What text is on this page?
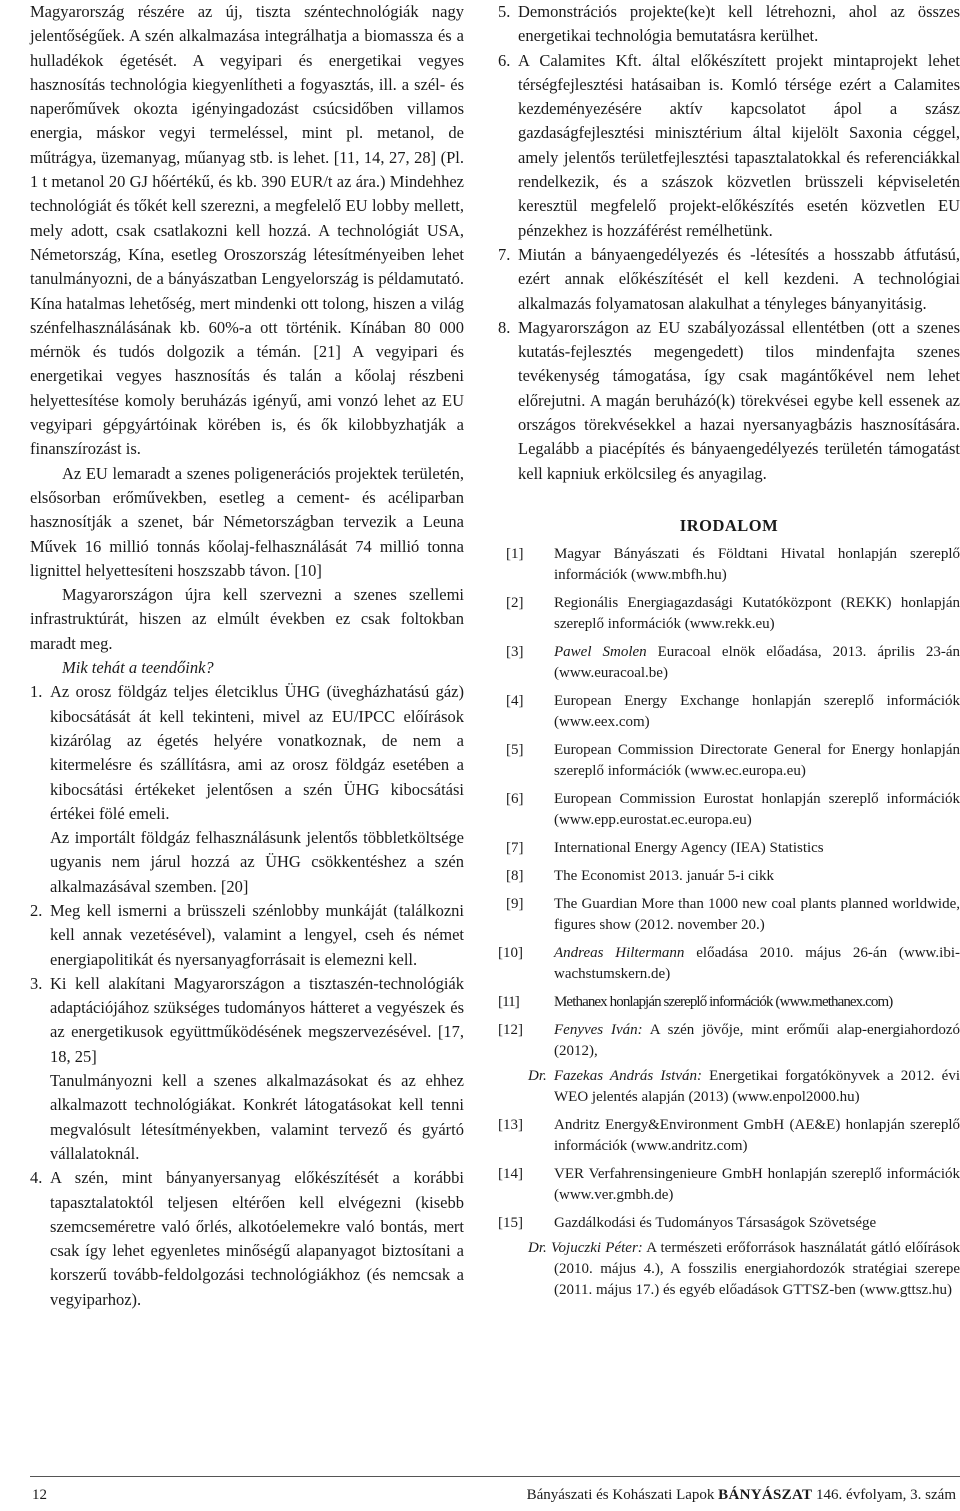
Magyarország részére az új, tiszta széntechnológiák nagy jelentőségűek. A szén alkalmazása integrálhatja a biomassza és a hulladékok égetését. A vegyipari és energetikai vegyes hasznosítás technológia kiegyenlítheti a fogyasztás, ill. a szél- és naperőművek okozta igényingadozást csúcsidőben villamos energia, máskor vegyi termeléssel, mint pl. metanol, de műtrágya, üzemanyag, műanyag stb. is lehet. [11, 14, 27, 28] (Pl. 1 t metanol 20 GJ hőértékű, és kb. 390 EUR/t az ára.) Mindehhez technológiát és tőkét kell szerezni, a megfelelő EU lobby mellett, mely adott, csak csatlakozni kell hozzá. A technológiát USA, Németország, Kína, esetleg Oroszország létesítményeiben lehet tanulmányozni, de a bányászatban Lengyelország is példamutató. Kína hatalmas lehetőség, mert mindenki ott tolong, hiszen a világ szénfelhasználásának kb. 60%-a ott történik. Kínában 80 000 mérnök és tudós dolgozik a témán. [21] A vegyipari és energetikai vegyes hasznosítás és talán a kőolaj részbeni helyettesítése komoly beruházás igényű, ami vonzó lehet az EU vegyipari gépgyártóinak körében is, és ők kilobbyzhatják a finanszírozást is.

Az EU lemaradt a szenes poligenerációs projektek területén, elsősorban erőművekben, esetleg a cement- és acéliparban hasznosítják a szenet, bár Németországban tervezik a Leuna Művek 16 millió tonnás kőolaj-felhasználását 74 millió tonna lignittel helyettesíteni hoszszabb távon. [10]

Magyarországon újra kell szervezni a szenes szellemi infrastruktúrát, hiszen az elmúlt években ez csak foltokban maradt meg.

Mik tehát a teendőink?

1. Az orosz földgáz teljes életciklus ÜHG (üvegházhatású gáz) kibocsátását át kell tekinteni, mivel az EU/IPCC előírások kizárólag az égetés helyére vonatkoznak, de nem a kitermelésre és szállításra, ami az orosz földgáz esetében a kibocsátási értékeket jelentősen a szén ÜHG kibocsátási értékei fölé emeli.
Az importált földgáz felhasználásunk jelentős többletköltsége ugyanis nem járul hozzá az ÜHG csökkentéshez a szén alkalmazásával szemben. [20]
2. Meg kell ismerni a brüsszeli szénlobby munkáját (találkozni kell annak vezetésével), valamint a lengyel, cseh és német energiapolitikát és nyersanyagforrásait is elemezni kell.
3. Ki kell alakítani Magyarországon a tisztaszén-technológiák adaptációjához szükséges tudományos hátteret a vegyészek és az energetikusok együttműködésének megszervezésével. [17, 18, 25]
Tanulmányozni kell a szenes alkalmazásokat és az ehhez alkalmazott technológiákat. Konkrét látogatásokat kell tenni megvalósult létesítményekben, valamint tervező és gyártó vállalatoknál.
4. A szén, mint bányanyersanyag előkészítését a korábbi tapasztalatoktól teljesen eltérően kell elvégezni (kisebb szemcseméretre való őrlés, alkotóelemekre való bontás, mert csak így lehet egyenletes minőségű alapanyagot biztosítani a korszerű tovább-feldolgozási technológiákhoz (és nemcsak a vegyiparhoz).
5. Demonstrációs projekte(ke)t kell létrehozni, ahol az összes energetikai technológia bemutatásra kerülhet.
6. A Calamites Kft. által előkészített projekt mintaprojekt lehet térségfejlesztési hatásaiban is. Komló térsége ezért a Calamites kezdeményezésére aktív kapcsolatot ápol a szász gazdaságfejlesztési minisztérium által kijelölt Saxonia céggel, amely jelentős területfejlesztési tapasztalatokkal és referenciákkal rendelkezik, és a szászok közvetlen brüsszeli képviseletén keresztül megfelelő projekt-előkészítés esetén közvetlen EU pénzekhez is hozzáférést remélhetünk.
7. Miután a bányaengedélyezés és -létesítés a hosszabb átfutású, ezért annak előkészítését el kell kezdeni. A technológiai alkalmazás folyamatosan alakulhat a tényleges bányanyitásig.
8. Magyarországon az EU szabályozással ellentétben (ott a szenes kutatás-fejlesztés megengedett) tilos mindenfajta szenes tevékenység támogatása, így csak magántőkével nem lehet előrejutni. A magán beruházó(k) törekvései egybe kell essenek az országos törekvésekkel a hazai nyersanyagbázis hasznosítására. Legalább a piacépítés és bányaengedélyezés területén támogatást kell kapniuk erkölcsileg és anyagilag.
IRODALOM
[1] Magyar Bányászati és Földtani Hivatal honlapján szereplő információk (www.mbfh.hu)
[2] Regionális Energiagazdasági Kutatóközpont (REKK) honlapján szereplő információk (www.rekk.eu)
[3] Pawel Smolen Euracoal elnök előadása, 2013. április 23-án (www.euracoal.be)
[4] European Energy Exchange honlapján szereplő információk (www.eex.com)
[5] European Commission Directorate General for Energy honlapján szereplő információk (www.ec.europa.eu)
[6] European Commission Eurostat honlapján szereplő információk (www.epp.eurostat.ec.europa.eu)
[7] International Energy Agency (IEA) Statistics
[8] The Economist 2013. január 5-i cikk
[9] The Guardian More than 1000 new coal plants planned worldwide, figures show (2012. november 20.)
[10] Andreas Hiltermann előadása 2010. május 26-án (www.ibi-wachstumskern.de)
[11] Methanex honlapján szereplő információk (www.methanex.com)
[12] Fenyves Iván: A szén jövője, mint erőműi alap-energiahordozó (2012),
Dr. Fazekas András István: Energetikai forgatókönyvek a 2012. évi WEO jelentés alapján (2013) (www.enpol2000.hu)
[13] Andritz Energy&Environment GmbH (AE&E) honlapján szereplő információk (www.andritz.com)
[14] VER Verfahrensingenieure GmbH honlapján szereplő információk (www.ver.gmbh.de)
[15] Gazdálkodási és Tudományos Társaságok Szövetsége
Dr. Vojuczki Péter: A természeti erőforrások használatát gátló előírások (2010. május 4.), A fosszilis energiahordozók stratégiai szerepe (2011. május 17.) és egyéb előadások GTTSZ-ben (www.gttsz.hu)
12	Bányászati és Kohászati Lapok BÁNYÁSZAT 146. évfolyam, 3. szám
